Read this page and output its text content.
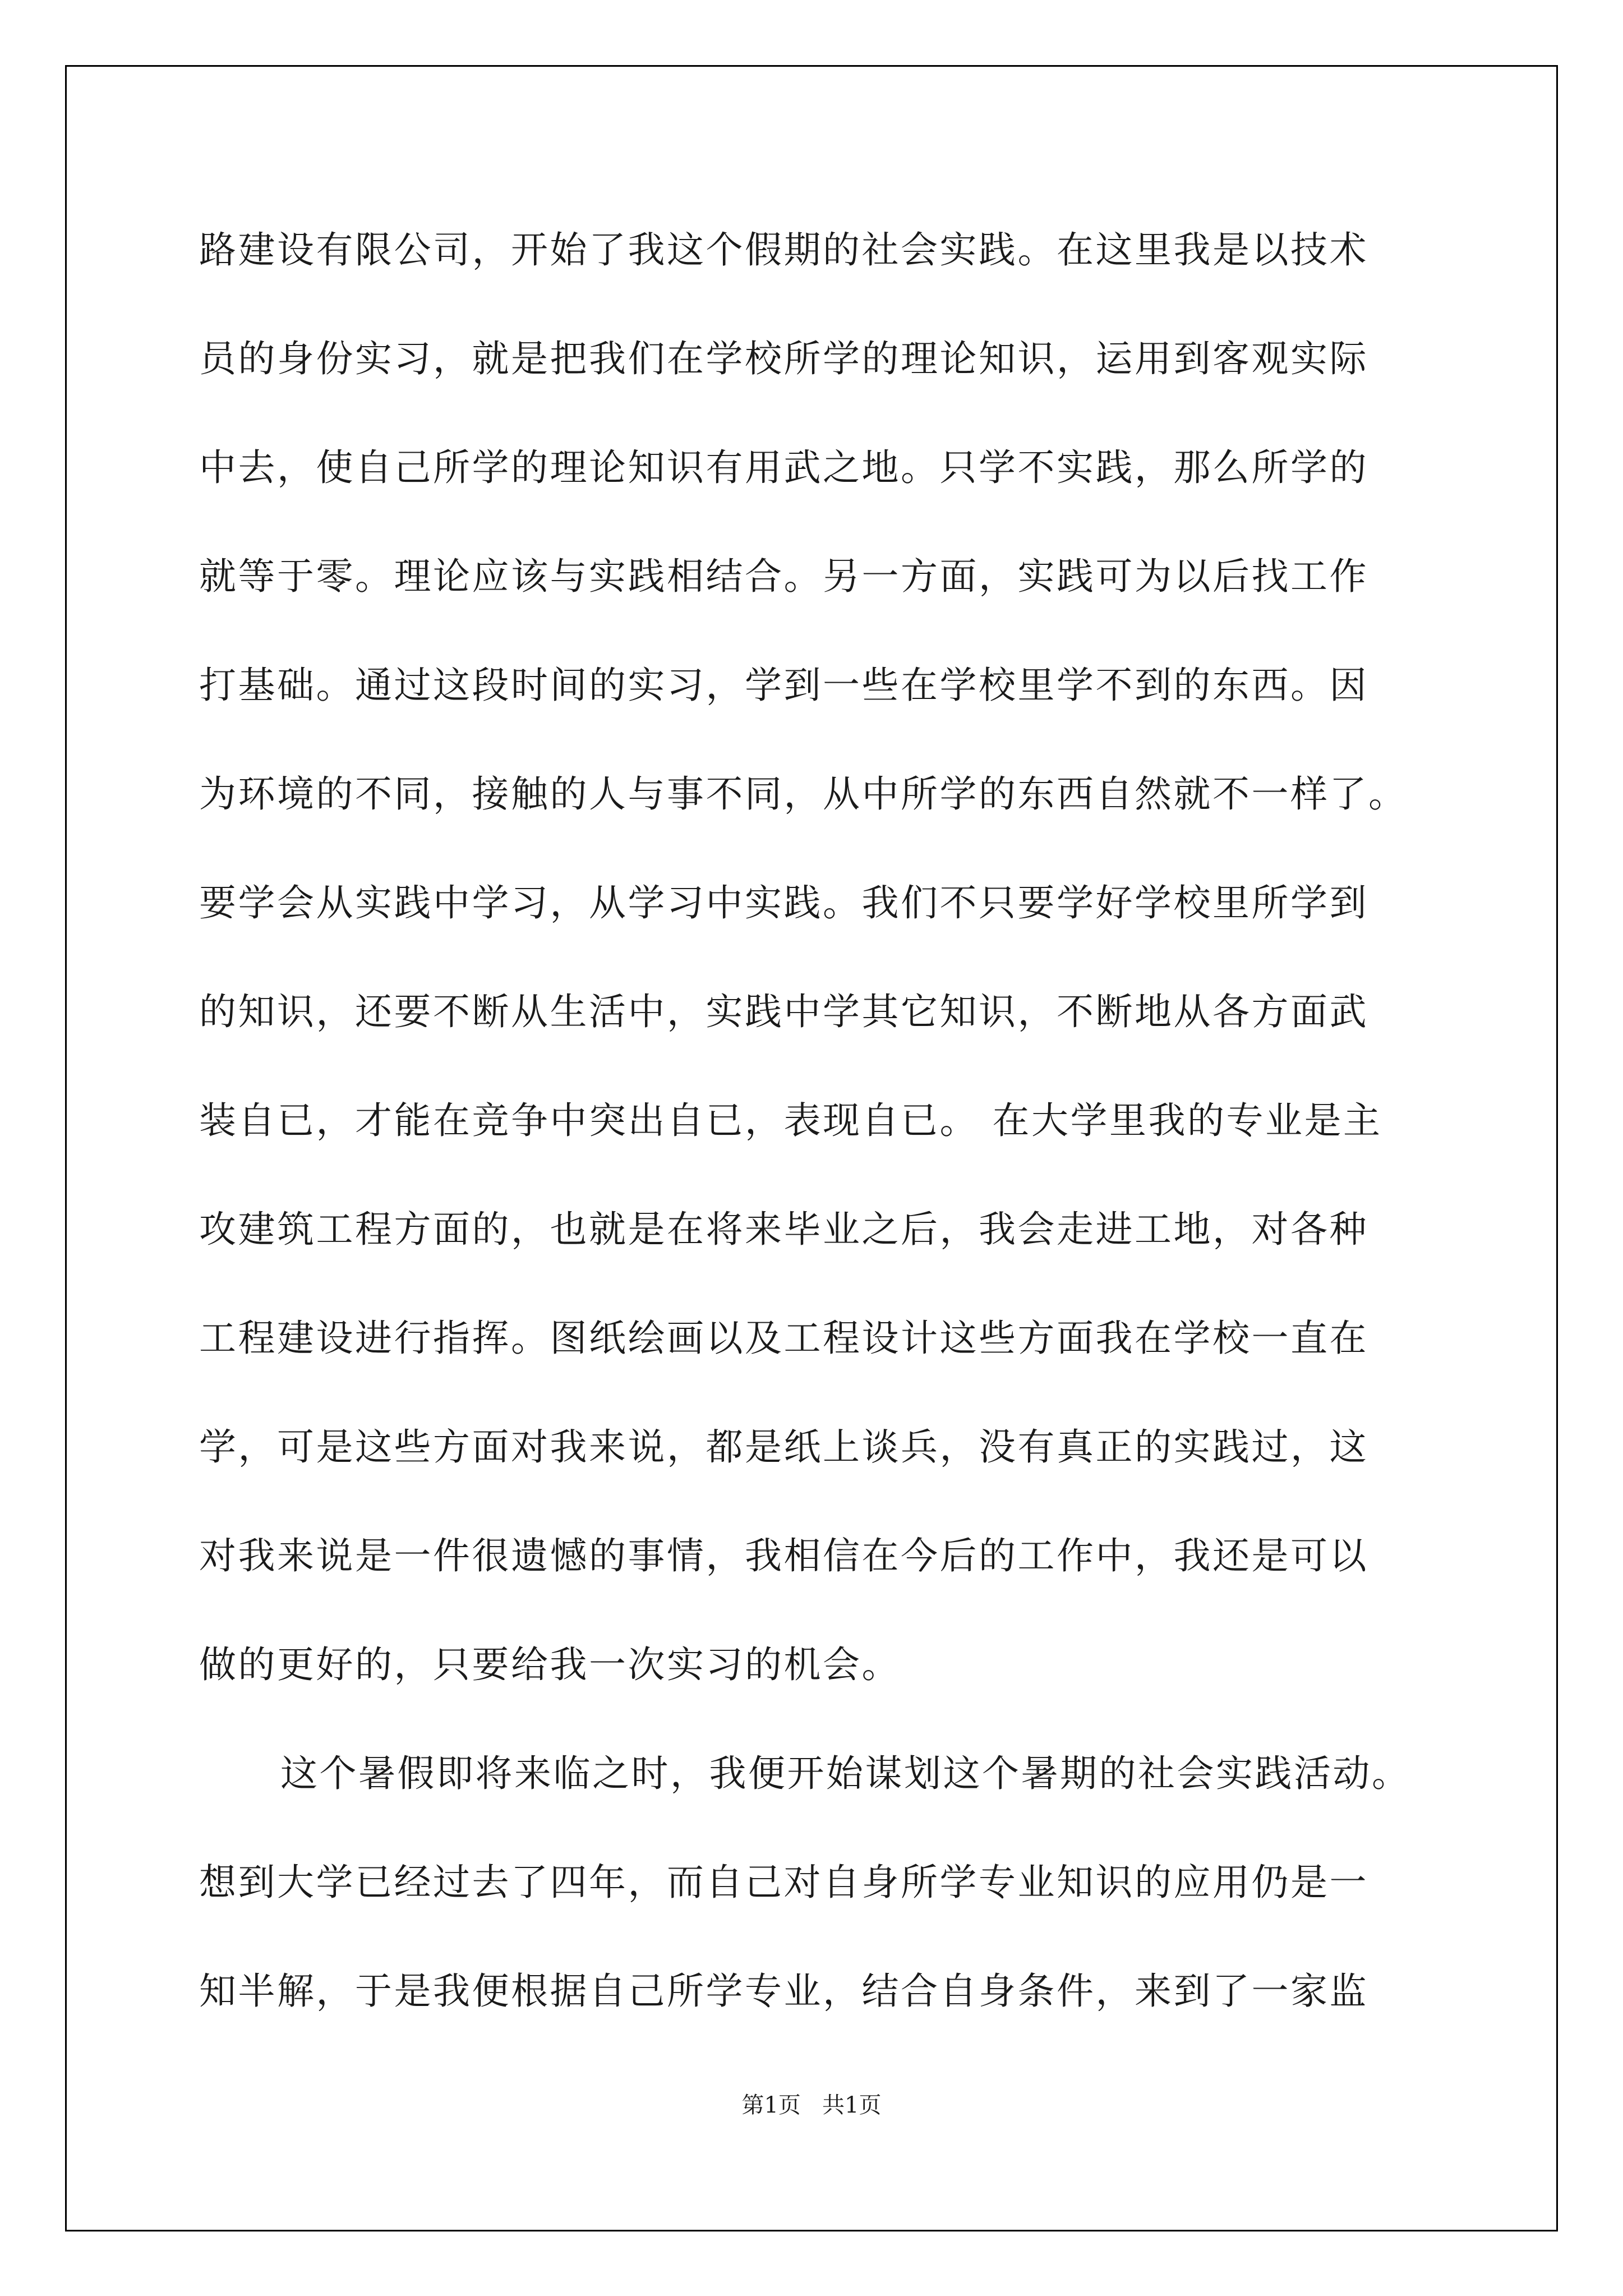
路建设有限公司，开始了我这个假期的社会实践。在这里我是以技术

员的身份实习，就是把我们在学校所学的理论知识，运用到客观实际

中去，使自己所学的理论知识有用武之地。只学不实践，那么所学的

就等于零。理论应该与实践相结合。另一方面，实践可为以后找工作

打基础。通过这段时间的实习，学到一些在学校里学不到的东西。因

为环境的不同，接触的人与事不同，从中所学的东西自然就不一样了。

要学会从实践中学习，从学习中实践。我们不只要学好学校里所学到

的知识，还要不断从生活中，实践中学其它知识，不断地从各方面武

装自已，才能在竞争中突出自已，表现自已。 在大学里我的专业是主

攻建筑工程方面的，也就是在将来毕业之后，我会走进工地，对各种

工程建设进行指挥。图纸绘画以及工程设计这些方面我在学校一直在

学，可是这些方面对我来说，都是纸上谈兵，没有真正的实践过，这

对我来说是一件很遗憾的事情，我相信在今后的工作中，我还是可以

做的更好的，只要给我一次实习的机会。

这个暑假即将来临之时，我便开始谋划这个暑期的社会实践活动。

想到大学已经过去了四年，而自己对自身所学专业知识的应用仍是一

知半解，于是我便根据自己所学专业，结合自身条件，来到了一家监

第1页   共1页
